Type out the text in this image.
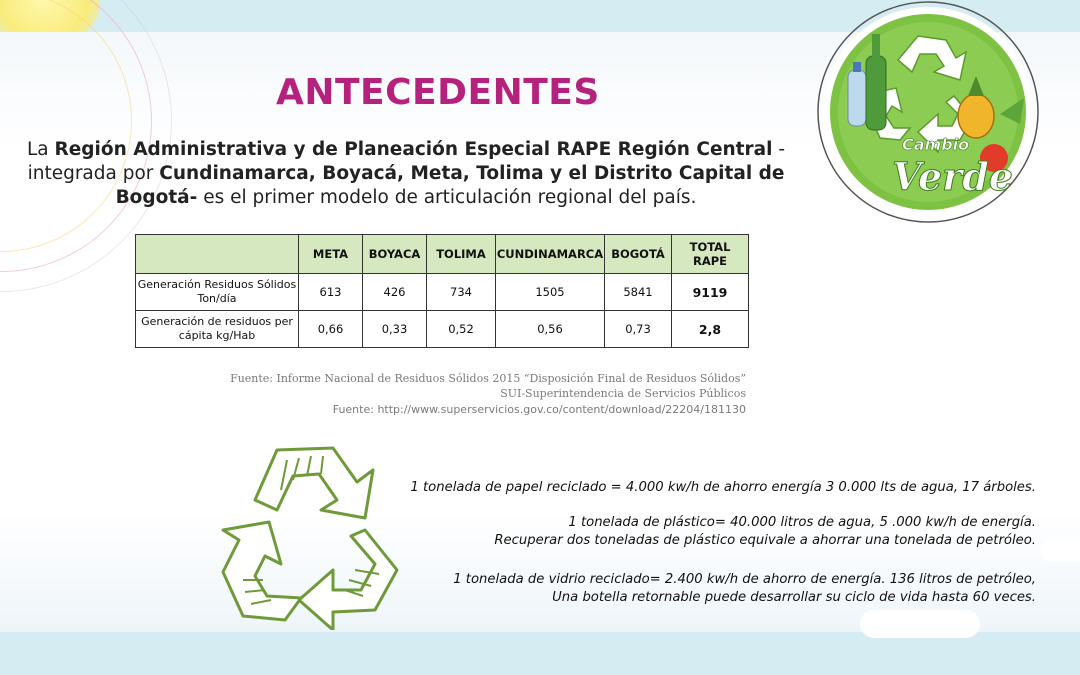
ANTECEDENTES
La Región Administrativa y de Planeación Especial RAPE Región Central -integrada por Cundinamarca, Boyacá, Meta, Tolima y el Distrito Capital de Bogotá- es el primer modelo de articulación regional del país.
	META	BOYACA	TOLIMA	CUNDINAMARCA	BOGOTÁ	TOTAL RAPE
Generación Residuos Sólidos Ton/día	613	426	734	1505	5841	9119
Generación de residuos per cápita kg/Hab	0,66	0,33	0,52	0,56	0,73	2,8
Fuente: Informe Nacional de Residuos Sólidos 2015 “Disposición Final de Residuos Sólidos”
SUI-Superintendencia de Servicios Públicos
Fuente: http://www.superservicios.gov.co/content/download/22204/181130
1 tonelada de papel reciclado = 4.000 kw/h de ahorro energía 3 0.000 lts de agua, 17 árboles.
1 tonelada de plástico= 40.000 litros de agua, 5 .000 kw/h de energía.
Recuperar dos toneladas de plástico equivale a ahorrar una tonelada de petróleo.
1 tonelada de vidrio reciclado= 2.400 kw/h de ahorro de energía. 136 litros de petróleo,
Una botella retornable puede desarrollar su ciclo de vida hasta 60 veces.
Cambio
Verde
